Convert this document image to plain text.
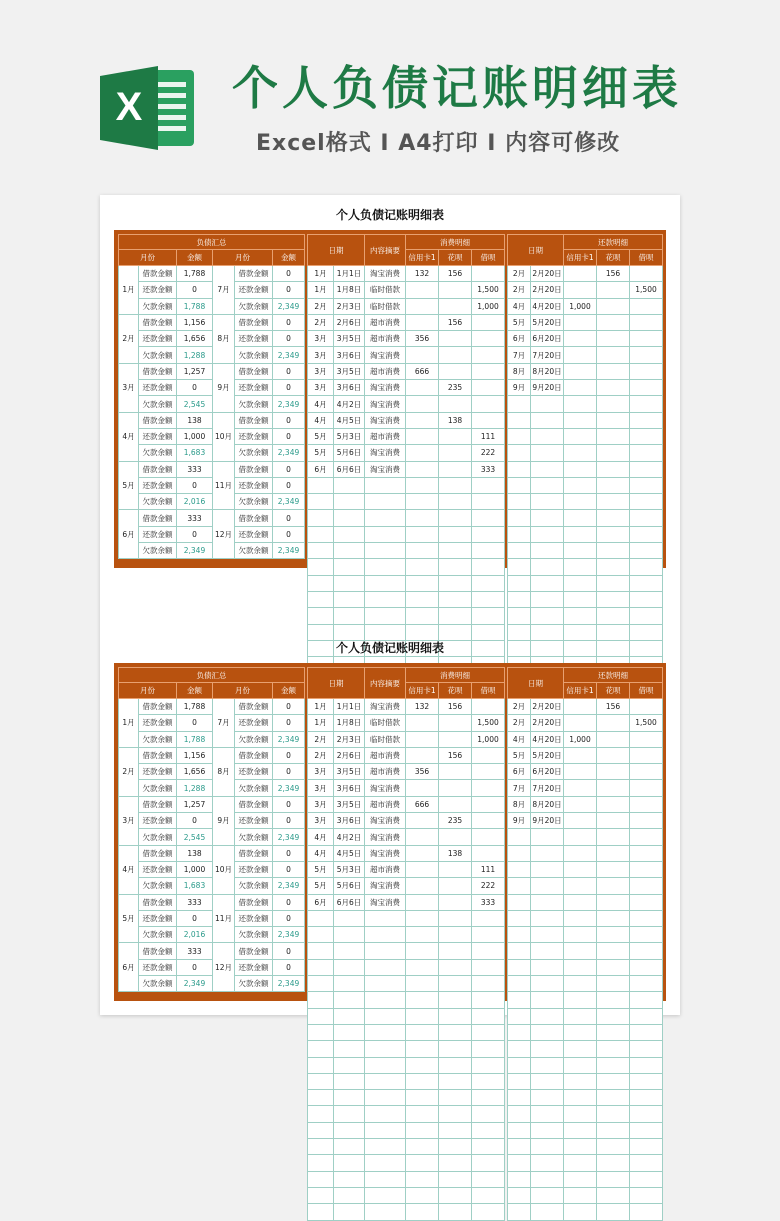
X 个人负债记账明细表
Excel格式 Ⅰ A4打印 Ⅰ 内容可修改
个人负债记账明细表
负债汇总					
月份		金额	月份		金额
1月	借款金额	1,788	7月	借款金额	0
	还款金额	0		还款金额	0
	欠款余额	1,788		欠款余额	2,349
2月	借款金额	1,156	8月	借款金额	0
	还款金额	1,656		还款金额	0
	欠款余额	1,288		欠款余额	2,349
3月	借款金额	1,257	9月	借款金额	0
	还款金额	0		还款金额	0
	欠款余额	2,545		欠款余额	2,349
4月	借款金额	138	10月	借款金额	0
	还款金额	1,000		还款金额	0
	欠款余额	1,683		欠款余额	2,349
5月	借款金额	333	11月	借款金额	0
	还款金额	0		还款金额	0
	欠款余额	2,016		欠款余额	2,349
6月	借款金额	333	12月	借款金额	0
	还款金额	0		还款金额	0
	欠款余额	2,349		欠款余额	2,349
日期		内容摘要	消费明细		
			信用卡1	花呗	借呗
1月	1月1日	淘宝消费	132	156	
1月	1月8日	临时借款			1,500
2月	2月3日	临时借款			1,000
2月	2月6日	超市消费		156	
3月	3月5日	超市消费	356		
3月	3月6日	淘宝消费			
3月	3月5日	超市消费	666		
3月	3月6日	淘宝消费		235	
4月	4月2日	淘宝消费			
4月	4月5日	淘宝消费		138	
5月	5月3日	超市消费			111
5月	5月6日	淘宝消费			222
6月	6月6日	淘宝消费			333

日期		还款明细		
		信用卡1	花呗	借呗
2月	2月20日		156	
2月	2月20日			1,500
4月	4月20日	1,000		
5月	5月20日			
6月	6月20日			
7月	7月20日			
8月	8月20日			
9月	9月20日			

个人负债记账明细表
负债汇总					
月份		金额	月份		金额
1月	借款金额	1,788	7月	借款金额	0
	还款金额	0		还款金额	0
	欠款余额	1,788		欠款余额	2,349
2月	借款金额	1,156	8月	借款金额	0
	还款金额	1,656		还款金额	0
	欠款余额	1,288		欠款余额	2,349
3月	借款金额	1,257	9月	借款金额	0
	还款金额	0		还款金额	0
	欠款余额	2,545		欠款余额	2,349
4月	借款金额	138	10月	借款金额	0
	还款金额	1,000		还款金额	0
	欠款余额	1,683		欠款余额	2,349
5月	借款金额	333	11月	借款金额	0
	还款金额	0		还款金额	0
	欠款余额	2,016		欠款余额	2,349
6月	借款金额	333	12月	借款金额	0
	还款金额	0		还款金额	0
	欠款余额	2,349		欠款余额	2,349
日期		内容摘要	消费明细		
			信用卡1	花呗	借呗
1月	1月1日	淘宝消费	132	156	
1月	1月8日	临时借款			1,500
2月	2月3日	临时借款			1,000
2月	2月6日	超市消费		156	
3月	3月5日	超市消费	356		
3月	3月6日	淘宝消费			
3月	3月5日	超市消费	666		
3月	3月6日	淘宝消费		235	
4月	4月2日	淘宝消费			
4月	4月5日	淘宝消费		138	
5月	5月3日	超市消费			111
5月	5月6日	淘宝消费			222
6月	6月6日	淘宝消费			333

日期		还款明细		
		信用卡1	花呗	借呗
2月	2月20日		156	
2月	2月20日			1,500
4月	4月20日	1,000		
5月	5月20日			
6月	6月20日			
7月	7月20日			
8月	8月20日			
9月	9月20日			
